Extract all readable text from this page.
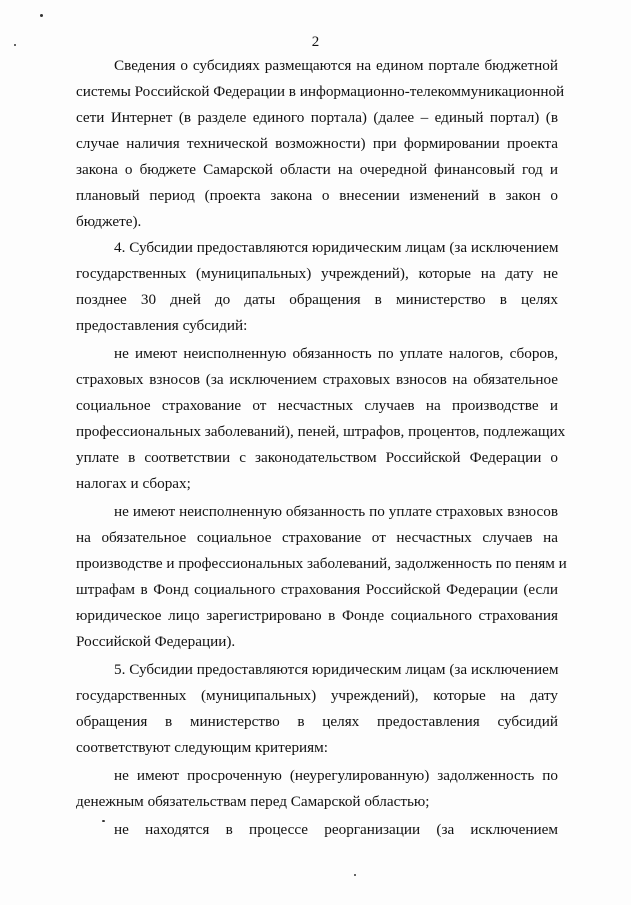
2
Сведения о субсидиях размещаются на едином портале бюджетной
системы Российской Федерации в информационно-телекоммуникационной
сети Интернет (в разделе единого портала) (далее – единый портал) (в
случае наличия технической возможности) при формировании проекта
закона о бюджете Самарской области на очередной финансовый год и
плановый период (проекта закона о внесении изменений в закон о
бюджете).
4. Субсидии предоставляются юридическим лицам (за исключением
государственных (муниципальных) учреждений), которые на дату не
позднее 30 дней до даты обращения в министерство в целях
предоставления субсидий:
не имеют неисполненную обязанность по уплате налогов, сборов,
страховых взносов (за исключением страховых взносов на обязательное
социальное страхование от несчастных случаев на производстве и
профессиональных заболеваний), пеней, штрафов, процентов, подлежащих
уплате в соответствии с законодательством Российской Федерации о
налогах и сборах;
не имеют неисполненную обязанность по уплате страховых взносов
на обязательное социальное страхование от несчастных случаев на
производстве и профессиональных заболеваний, задолженность по пеням и
штрафам в Фонд социального страхования Российской Федерации (если
юридическое лицо зарегистрировано в Фонде социального страхования
Российской Федерации).
5. Субсидии предоставляются юридическим лицам (за исключением
государственных (муниципальных) учреждений), которые на дату
обращения в министерство в целях предоставления субсидий
соответствуют следующим критериям:
не имеют просроченную (неурегулированную) задолженность по
денежным обязательствам перед Самарской областью;
не находятся в процессе реорганизации (за исключением
